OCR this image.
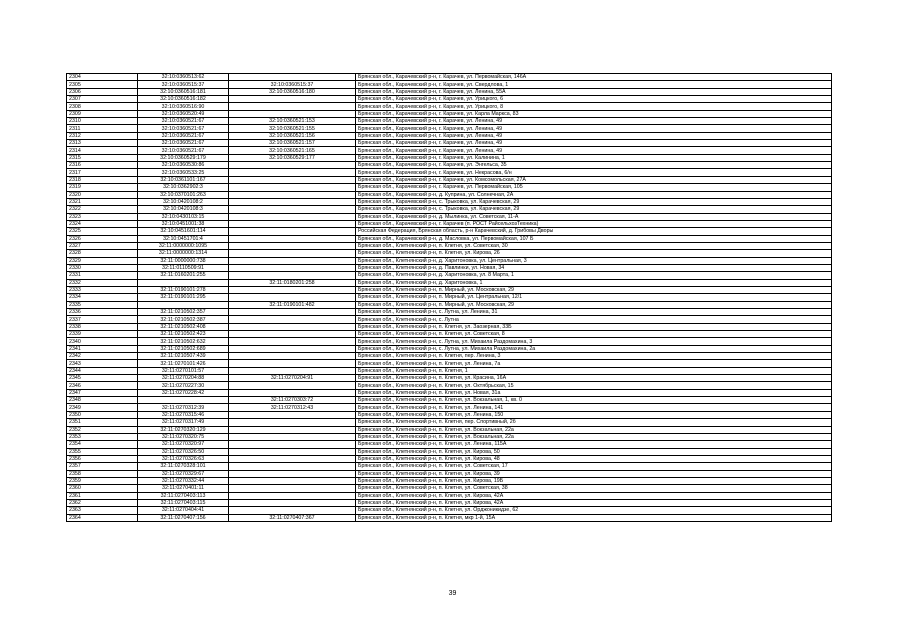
2304	32:10:0360513:62		Брянская обл., Карачевский р-н, г. Карачев, ул. Первомайская, 146А
2305	32:10:0360515:37	32:10:0360515:37	Брянская обл., Карачевский р-н, г. Карачев, ул. Свердлова, 1
2306	32:10:0360516:181	32:10:0360516:180	Брянская обл., Карачевский р-н, г. Карачев, ул. Ленина, 55А
2307	32:10:0360516:182		Брянская обл., Карачевский р-н, г. Карачев, ул. Урицкого, 6
2308	32:10:0360516:90		Брянская обл., Карачевский р-н, г. Карачев, ул. Урицкого, 8
2309	32:10:0360520:49		Брянская обл., Карачевский р-н, г. Карачев, ул. Карла Маркса, 83
2310	32:10:0360521:67	32:10:0360521:153	Брянская обл., Карачевский р-н, г. Карачев, ул. Ленина, 49
2311	32:10:0360521:67	32:10:0360521:155	Брянская обл., Карачевский р-н, г. Карачев, ул. Ленина, 49
2312	32:10:0360521:67	32:10:0360521:156	Брянская обл., Карачевский р-н, г. Карачев, ул. Ленина, 49
2313	32:10:0360521:67	32:10:0360521:157	Брянская обл., Карачевский р-н, г. Карачев, ул. Ленина, 49
2314	32:10:0360521:67	32:10:0360521:165	Брянская обл., Карачевский р-н, г. Карачев, ул. Ленина, 49
2315	32:10:0360529:179	32:10:0360529:177	Брянская обл., Карачевский р-н, г. Карачев, ул. Калинина, 1
2316	32:10:0360530:86		Брянская обл., Карачевский р-н, г. Карачев, ул. Энгельса, 35
2317	32:10:0360533:25		Брянская обл., Карачевский р-н, г. Карачев, ул. Некрасова, 6/н
2318	32:10:0361101:167		Брянская обл., Карачевский р-н, г. Карачев, ул. Комсомольская, 27А
2319	32:10:0362902:3		Брянская обл., Карачевский р-н, г. Карачев, ул. Первомайская, 105
2320	32:10:0370101:263		Брянская обл., Карачевский р-н, д. Куприна, ул. Солнечная, 2А
2321	32:10:0420108:2		Брянская обл., Карачевский р-н, с. Трыковка, ул. Карачевская, 29
2322	32:10:0420108:3		Брянская обл., Карачевский р-н, с. Трыковка, ул. Карачевская, 29
2323	32:10:0430103:15		Брянская обл., Карачевский р-н, д. Мылинка, ул. Советская, 11-А
2324	32:10:0451001:38		Брянская обл., Карачевский р-н, г. Карачев (п. РОСТ РайсельхозТехника)
2325	32:10:0451601:114		Российская Федерация, Брянская область, р-н Карачевский, д. Грибовы Дворы
2326	32:10:0451701:4		Брянская обл., Карачевский р-н, д. Масловка, ул. Первомайская, 107 Б
2327	32:11:0000000:1095		Брянская обл., Клетнянский р-н, п. Клетня, ул. Советская, 30
2328	32:11:0000000:1314		Брянская обл., Клетнянский р-н, п. Клетня, ул. Кирова, 26
2329	32:11:0000000:738		Брянская обл., Клетнянский р-н, д. Харитоновка, ул. Центральная, 3
2330	32:11:0110509:91		Брянская обл., Клетнянский р-н, д. Павлинки, ул. Новая, 34
2331	32:11:0160201:255		Брянская обл., Клетнянский р-н, д. Харитоновка, ул. 8 Марта, 1
2332		32:11:0180201:258	Брянская обл., Клетнянский р-н, д. Харитоновка, 1
2333	32:11:0190101:278		Брянская обл., Клетнянский р-н, п. Мирный, ул. Московская, 29
2334	32:11:0190101:295		Брянская обл., Клетнянский р-н, п. Мирный, ул. Центральная, 12/1
2335		32:11:0190101:482	Брянская обл., Клетнянский р-н, п. Мирный, ул. Московская, 29
2336	32:11:0210502:357		Брянская обл., Клетнянский р-н, с. Лутна, ул. Ленина, 31
2337	32:11:0210502:387		Брянская обл., Клетнянский р-н, с. Лутна
2338	32:11:0210502:408		Брянская обл., Клетнянский р-н, п. Клетня, ул. Заозерная, 33Б
2339	32:11:0210502:423		Брянская обл., Клетнянский р-н, п. Клетня, ул. Советская, 8
2340	32:11:0210502:632		Брянская обл., Клетнянский р-н, с. Лутна, ул. Михаила Раздомахина, 3
2341	32:11:0210502:689		Брянская обл., Клетнянский р-н, с. Лутна, ул. Михаила Раздомахина, 2а
2342	32:11:0210507:439		Брянская обл., Клетнянский р-н, п. Клетня, пер. Ленина, 3
2343	32:11:0270101:426		Брянская обл., Клетнянский р-н, п. Клетня, ул. Ленина, 7а
2344	32:11:0270101:57		Брянская обл., Клетнянский р-н, п. Клетня, 1
2345	32:11:0270204:88	32:11:0270204:91	Брянская обл., Клетнянский р-н, п. Клетня, ул. Красина, 16А
2346	32:11:0270227:30		Брянская обл., Клетнянский р-н, п. Клетня, ул. Октябрьская, 15
2347	32:11:0270228:42		Брянская обл., Клетнянский р-н, п. Клетня, ул. Новая, 31а
2348		32:11:0270303:72	Брянская обл., Клетнянский р-н, п. Клетня, ул. Вокзальная, 1, кв. 0
2349	32:11:0270312:39	32:11:0270312:43	Брянская обл., Клетнянский р-н, п. Клетня, ул. Ленина, 141
2350	32:11:0270315:46		Брянская обл., Клетнянский р-н, п. Клетня, ул. Ленина, 150
2351	32:11:0270317:49		Брянская обл., Клетнянский р-н, п. Клетня, пер. Спортивный, 2б
2352	32:11:0270320:129		Брянская обл., Клетнянский р-н, п. Клетня, ул. Вокзальная, 22а
2353	32:11:0270320:75		Брянская обл., Клетнянский р-н, п. Клетня, ул. Вокзальная, 22а
2354	32:11:0270320:97		Брянская обл., Клетнянский р-н, п. Клетня, ул. Ленина, 115А
2355	32:11:0270326:50		Брянская обл., Клетнянский р-н, п. Клетня, ул. Кирова, 50
2356	32:11:0270326:63		Брянская обл., Клетнянский р-н, п. Клетня, ул. Кирова, 48
2357	32:11:0270328:101		Брянская обл., Клетнянский р-н, п. Клетня, ул. Советская, 17
2358	32:11:0270329:67		Брянская обл., Клетнянский р-н, п. Клетня, ул. Кирова, 39
2359	32:11:0270332:44		Брянская обл., Клетнянский р-н, п. Клетня, ул. Кирова, 19Б
2360	32:11:0270401:11		Брянская обл., Клетнянский р-н, п. Клетня, ул. Советская, 38
2361	32:11:0270403:113		Брянская обл., Клетнянский р-н, п. Клетня, ул. Кирова, 42А
2362	32:11:0270403:115		Брянская обл., Клетнянский р-н, п. Клетня, ул. Кирова, 42А
2363	32:11:0270404:41		Брянская обл., Клетнянский р-н, п. Клетня, ул. Орджоникидзе, 62
2364	32:11:0270407:156	32:11:0270407:367	Брянская обл., Клетнянский р-н, п. Клетня, мкр 1-й, 15А
39
